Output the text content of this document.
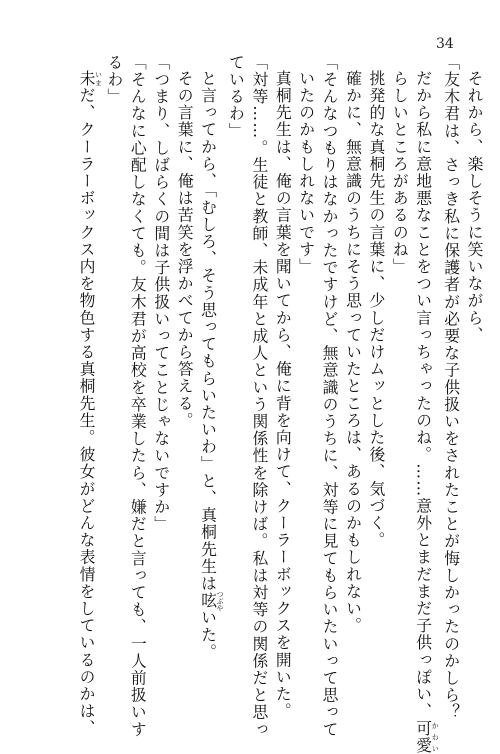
34

それから、楽しそうに笑いながら、

「友木君は、さっき私に保護者が必要な子供扱いをされたことが悔しかったのかしら？

だから私に意地悪なことをつい言っちゃったのね。……意外とまだまだ子供っぽい、可愛かわい

らしいところがあるのね」

挑発的な真桐先生の言葉に、少しだけムッとした後、気づく。

確かに、無意識のうちにそう思っていたところは、あるのかもしれない。

「そんなつもりはなかったですけど、無意識のうちに、対等に見てもらいたいって思って

いたのかもしれないです」

真桐先生は、俺の言葉を聞いてから、俺に背を向けて、クーラーボックスを開いた。

「対等……。生徒と教師、未成年と成人という関係性を除けば。私は対等の関係だと思っ

ているわ」

と言ってから、「むしろ、そう思ってもらいたいわ」と、真桐先生は呟つぶやいた。

その言葉に、俺は苦笑を浮かべてから答える。

「つまり、しばらくの間は子供扱いってことじゃないですか」

「そんなに心配しなくても。友木君が高校を卒業したら、嫌だと言っても、一人前扱いす

るわ」

未いまだ、クーラーボックス内を物色する真桐先生。彼女がどんな表情をしているのかは、
